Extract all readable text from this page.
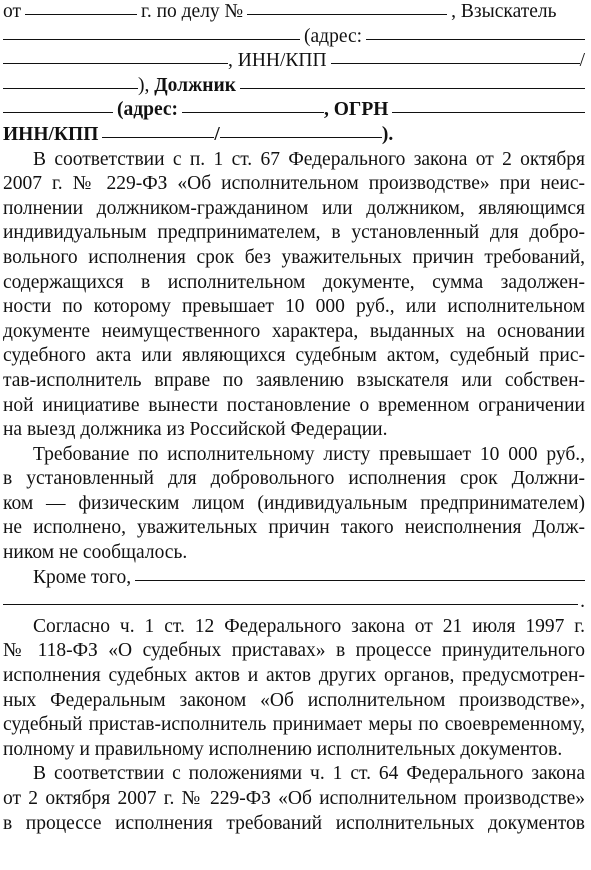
от	г. по делу №	, Взыскатель
(адрес:
, ИНН/КПП	/
), Должник
(адрес:	, ОГРН
ИНН/КПП	/	).
В соответствии с п. 1 ст. 67 Федерального закона от 2 октября
2007 г. № 229-ФЗ «Об исполнительном производстве» при неис-
полнении должником-гражданином или должником, являющимся
индивидуальным предпринимателем, в установленный для добро-
вольного исполнения срок без уважительных причин требований,
содержащихся в исполнительном документе, сумма задолжен-
ности по которому превышает 10 000 руб., или исполнительном
документе неимущественного характера, выданных на основании
судебного акта или являющихся судебным актом, судебный прис-
тав-исполнитель вправе по заявлению взыскателя или собствен-
ной инициативе вынести постановление о временном ограничении
на выезд должника из Российской Федерации.
Требование по исполнительному листу превышает 10 000 руб.,
в установленный для добровольного исполнения срок Должни-
ком — физическим лицом (индивидуальным предпринимателем)
не исполнено, уважительных причин такого неисполнения Долж-
ником не сообщалось.
Кроме того,
.
Согласно ч. 1 ст. 12 Федерального закона от 21 июля 1997 г.
№ 118-ФЗ «О судебных приставах» в процессе принудительного
исполнения судебных актов и актов других органов, предусмотрен-
ных Федеральным законом «Об исполнительном производстве»,
судебный пристав-исполнитель принимает меры по своевременному,
полному и правильному исполнению исполнительных документов.
В соответствии с положениями ч. 1 ст. 64 Федерального закона
от 2 октября 2007 г. № 229-ФЗ «Об исполнительном производстве»
в процессе исполнения требований исполнительных документов
